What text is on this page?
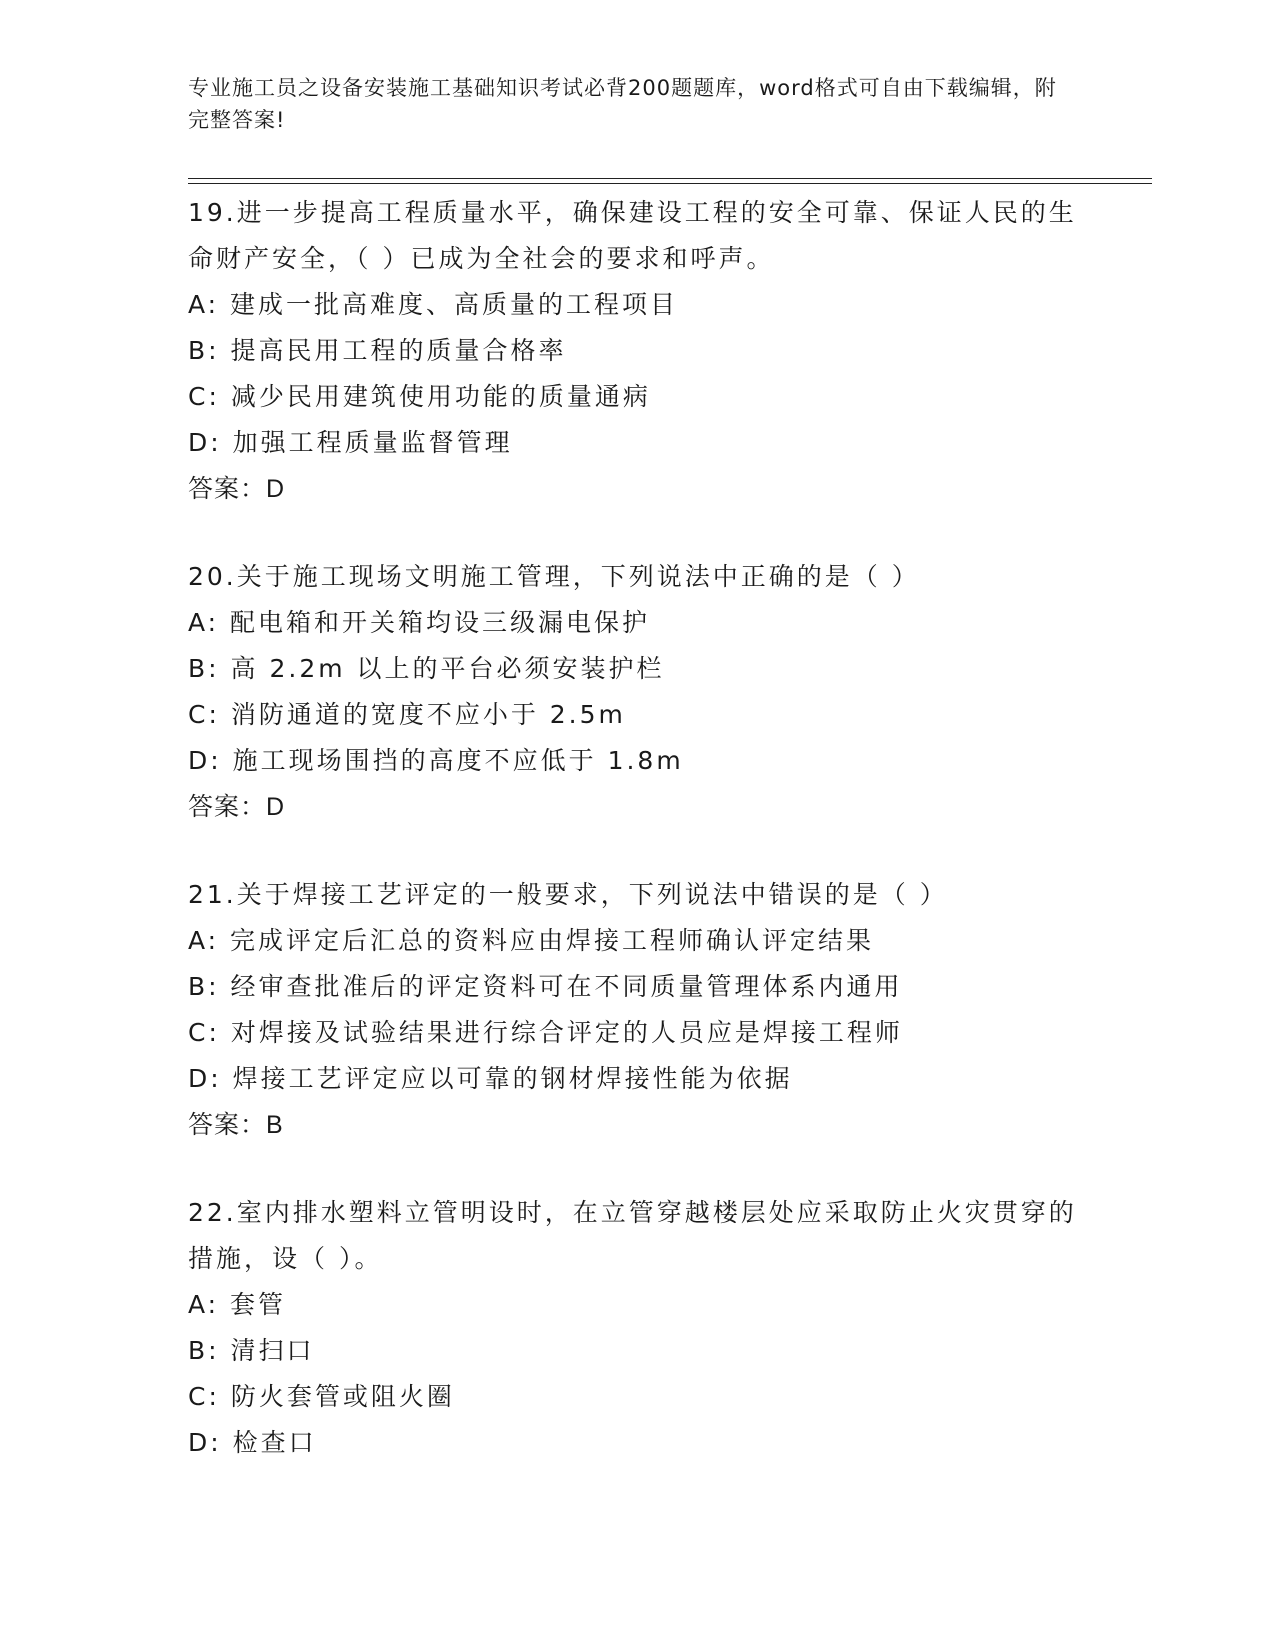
专业施工员之设备安装施工基础知识考试必背200题题库，word格式可自由下载编辑，附完整答案!
19.进一步提高工程质量水平，确保建设工程的安全可靠、保证人民的生命财产安全，（ ）已成为全社会的要求和呼声。
A: 建成一批高难度、高质量的工程项目
B: 提高民用工程的质量合格率
C: 减少民用建筑使用功能的质量通病
D: 加强工程质量监督管理
答案：D
20.关于施工现场文明施工管理，下列说法中正确的是（ ）
A: 配电箱和开关箱均设三级漏电保护
B: 高 2.2m 以上的平台必须安装护栏
C: 消防通道的宽度不应小于 2.5m
D: 施工现场围挡的高度不应低于 1.8m
答案：D
21.关于焊接工艺评定的一般要求，下列说法中错误的是（ ）
A: 完成评定后汇总的资料应由焊接工程师确认评定结果
B: 经审查批准后的评定资料可在不同质量管理体系内通用
C: 对焊接及试验结果进行综合评定的人员应是焊接工程师
D: 焊接工艺评定应以可靠的钢材焊接性能为依据
答案：B
22.室内排水塑料立管明设时，在立管穿越楼层处应采取防止火灾贯穿的措施，设（ ）。
A: 套管
B: 清扫口
C: 防火套管或阻火圈
D: 检查口
